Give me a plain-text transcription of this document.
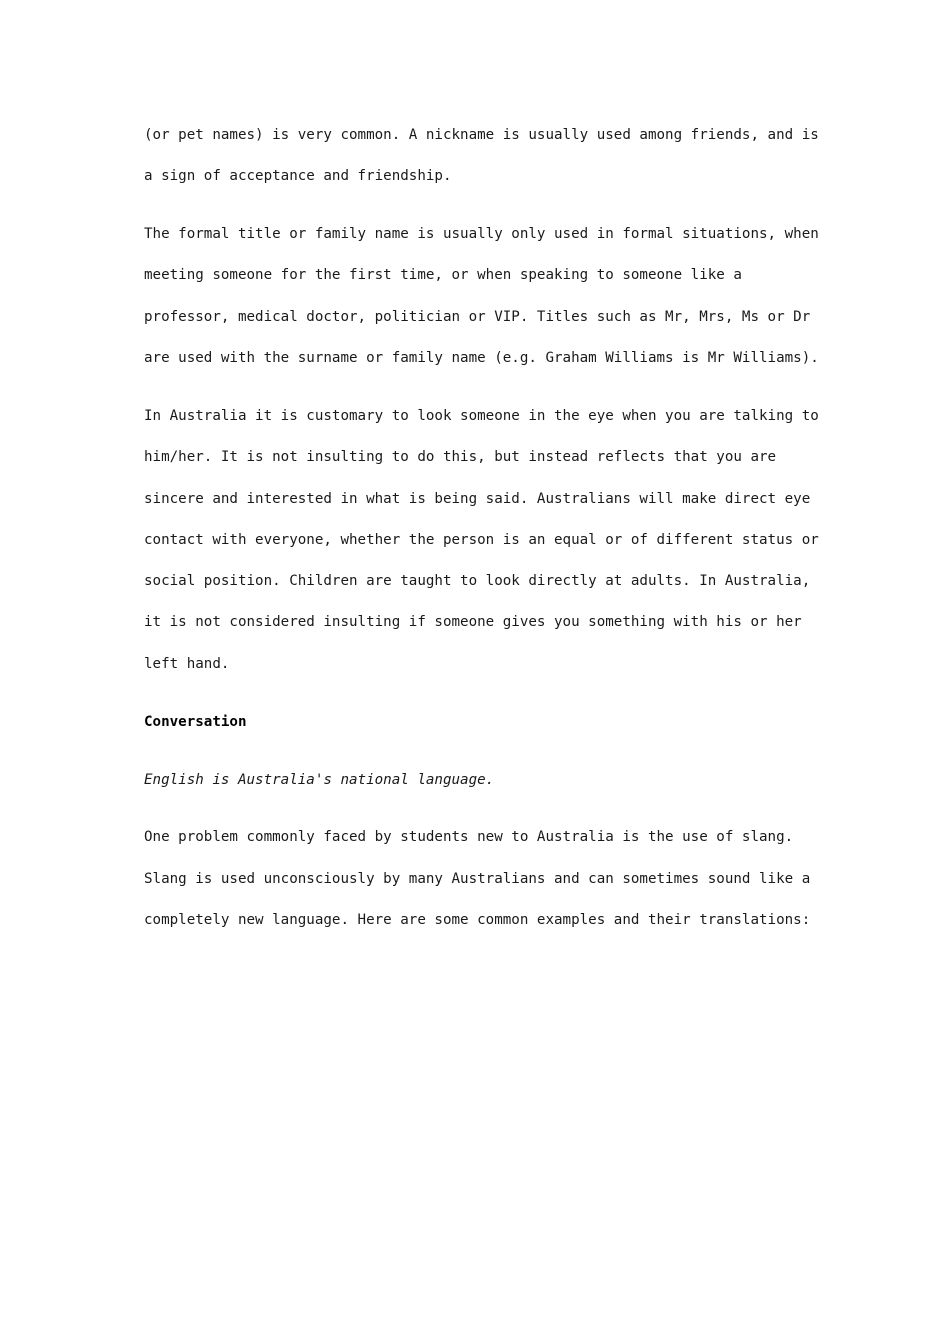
(or pet names) is very common. A nickname is usually used among friends, and is
a sign of acceptance and friendship.
The formal title or family name is usually only used in formal situations, when
meeting someone for the first time, or when speaking to someone like a
professor, medical doctor, politician or VIP. Titles such as Mr, Mrs, Ms or Dr
are used with the surname or family name (e.g. Graham Williams is Mr Williams).
In Australia it is customary to look someone in the eye when you are talking to
him/her. It is not insulting to do this, but instead reflects that you are
sincere and interested in what is being said. Australians will make direct eye
contact with everyone, whether the person is an equal or of different status or
social position. Children are taught to look directly at adults. In Australia,
it is not considered insulting if someone gives you something with his or her
left hand.
Conversation
English is Australia's national language.
One problem commonly faced by students new to Australia is the use of slang.
Slang is used unconsciously by many Australians and can sometimes sound like a
completely new language. Here are some common examples and their translations:
